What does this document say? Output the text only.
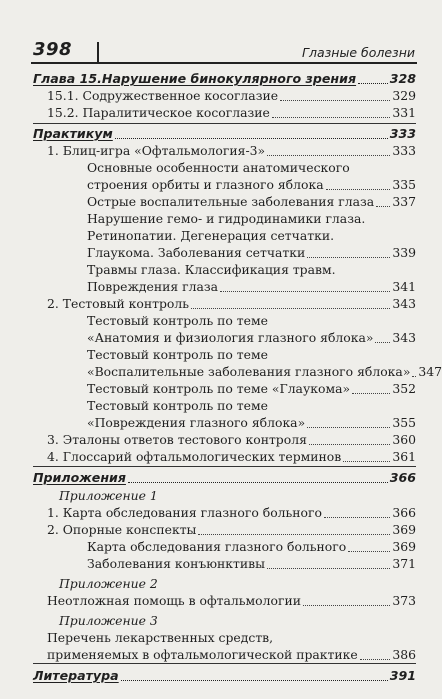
398	Глазные болезни
Глава 15.Нарушение бинокулярного зрения	328
15.1. Содружественное косоглазие	329
15.2. Паралитическое косоглазие	331
Практикум	333
1. Блиц-игра «Офтальмология-3»	333
Основные особенности анатомического
строения орбиты и глазного яблока	335
Острые воспалительные заболевания глаза 337
Нарушение гемо- и гидродинамики глаза.
Ретинопатии. Дегенерация сетчатки.
Глаукома. Заболевания сетчатки	339
Травмы глаза. Классификация травм.
Повреждения глаза	341
2. Тестовый контроль	343
Тестовый контроль по теме
«Анатомия и физиология глазного яблока» 343
Тестовый контроль по теме
«Воспалительные заболевания глазного яблока» 347
Тестовый контроль по теме «Глаукома»	352
Тестовый контроль по теме
«Повреждения глазного яблока»	355
3. Эталоны ответов тестового контроля	360
4. Глоссарий офтальмологических терминов	361
Приложения	366
Приложение 1
1. Карта обследования глазного больного	366
2. Опорные конспекты	369
Карта обследования глазного больного	369
Заболевания конъюнктивы	371
Приложение 2
Неотложная помощь в офтальмологии	373
Приложение 3
Перечень лекарственных средств,
применяемых в офтальмологической практике	386
Литература	391
